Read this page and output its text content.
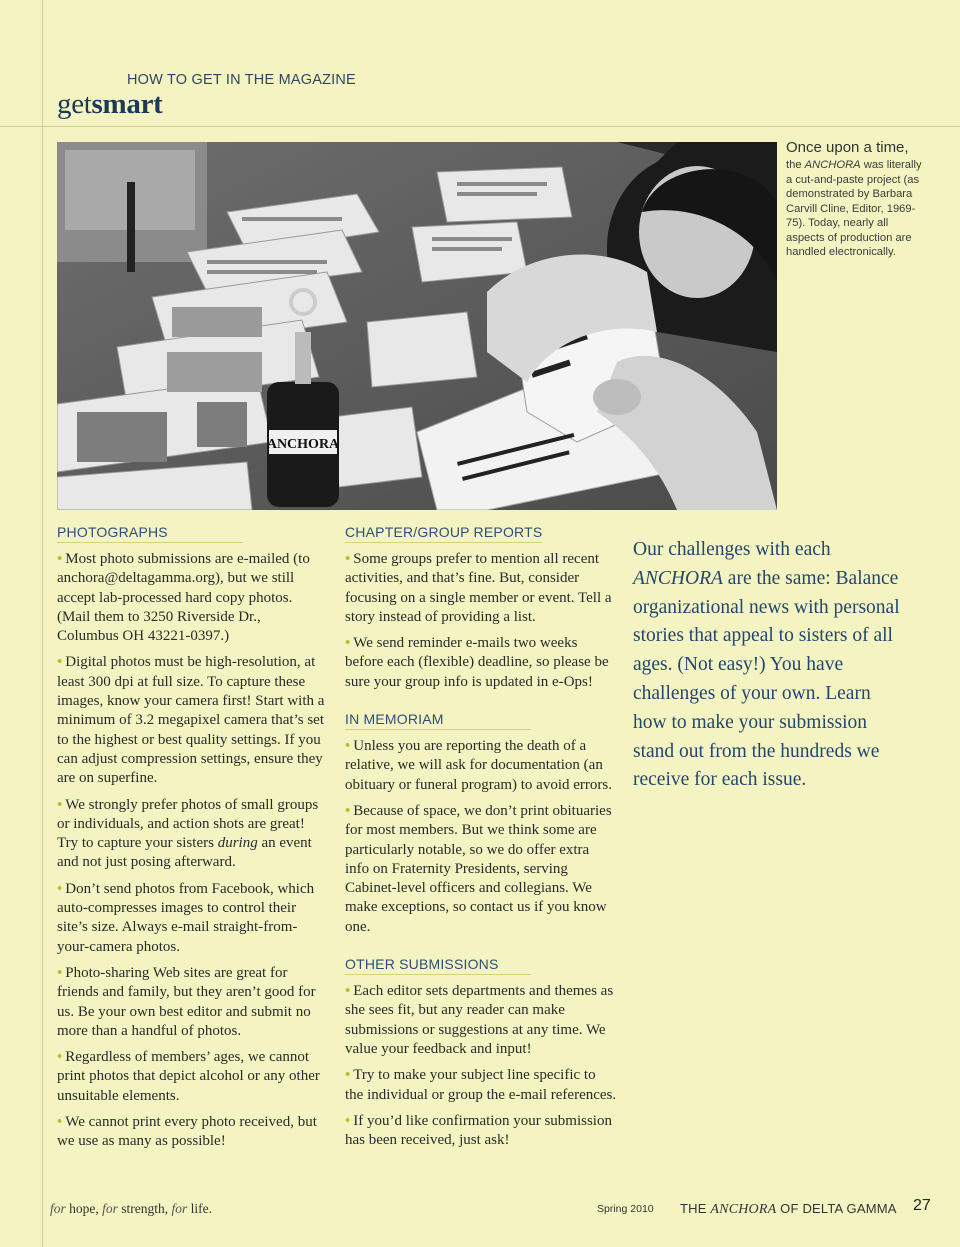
HOW TO GET IN THE MAGAZINE
getsmart
ANCHORA
Once upon a time,
the ANCHORA was literally a cut-and-paste project (as demonstrated by Barbara Carvill Cline, Editor, 1969-75). Today, nearly all aspects of production are handled electronically.
PHOTOGRAPHS

• Most photo submissions are e-mailed (to anchora@deltagamma.org), but we still accept lab-processed hard copy photos. (Mail them to 3250 Riverside Dr., Columbus OH 43221-0397.)

• Digital photos must be high-resolution, at least 300 dpi at full size. To capture these images, know your camera first! Start with a minimum of 3.2 megapixel camera that’s set to the highest or best quality settings. If you can adjust compression settings, ensure they are on superfine.

• We strongly prefer photos of small groups or individuals, and action shots are great! Try to capture your sisters during an event and not just posing afterward.

• Don’t send photos from Facebook, which auto-compresses images to control their site’s size. Always e-mail straight-from-your-camera photos.

• Photo-sharing Web sites are great for friends and family, but they aren’t good for us. Be your own best editor and submit no more than a handful of photos.

• Regardless of members’ ages, we cannot print photos that depict alcohol or any other unsuitable elements.

• We cannot print every photo received, but we use as many as possible!

CHAPTER/GROUP REPORTS

• Some groups prefer to mention all recent activities, and that’s fine. But, consider focusing on a single member or event. Tell a story instead of providing a list.

• We send reminder e-mails two weeks before each (flexible) deadline, so please be sure your group info is updated in e-Ops!

IN MEMORIAM

• Unless you are reporting the death of a relative, we will ask for documentation (an obituary or funeral program) to avoid errors.

• Because of space, we don’t print obituaries for most members. But we think some are particularly notable, so we do offer extra info on Fraternity Presidents, serving Cabinet-level officers and collegians. We make exceptions, so contact us if you know one.

OTHER SUBMISSIONS

• Each editor sets departments and themes as she sees fit, but any reader can make submissions or suggestions at any time. We value your feedback and input!

• Try to make your subject line specific to the individual or group the e-mail references.

• If you’d like confirmation your submission has been received, just ask!

Our challenges with each ANCHORA are the same: Balance organizational news with personal stories that appeal to sisters of all ages. (Not easy!) You have challenges of your own. Learn how to make your submission stand out from the hundreds we receive for each issue.

for hope, for strength, for life.	Spring 2010 THE ANCHORA OF DELTA GAMMA 27
